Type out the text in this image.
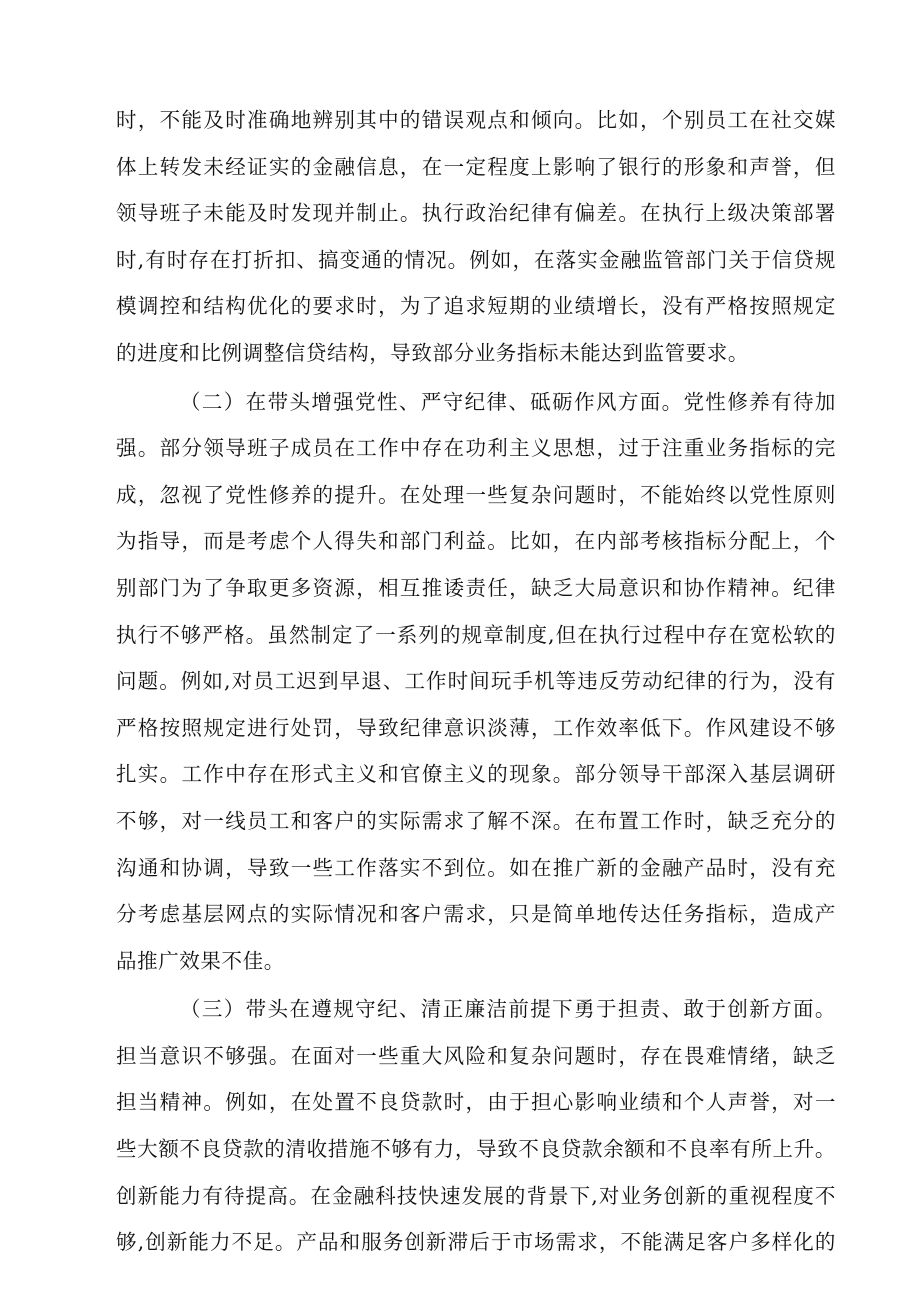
时，不能及时准确地辨别其中的错误观点和倾向。比如，个别员工在社交媒
体上转发未经证实的金融信息，在一定程度上影响了银行的形象和声誉，但
领导班子未能及时发现并制止。执行政治纪律有偏差。在执行上级决策部署
时,有时存在打折扣、搞变通的情况。例如，在落实金融监管部门关于信贷规
模调控和结构优化的要求时，为了追求短期的业绩增长，没有严格按照规定
的进度和比例调整信贷结构，导致部分业务指标未能达到监管要求。
（二）在带头增强党性、严守纪律、砥砺作风方面。党性修养有待加
强。部分领导班子成员在工作中存在功利主义思想，过于注重业务指标的完
成，忽视了党性修养的提升。在处理一些复杂问题时，不能始终以党性原则
为指导，而是考虑个人得失和部门利益。比如，在内部考核指标分配上，个
别部门为了争取更多资源，相互推诿责任，缺乏大局意识和协作精神。纪律
执行不够严格。虽然制定了一系列的规章制度,但在执行过程中存在宽松软的
问题。例如,对员工迟到早退、工作时间玩手机等违反劳动纪律的行为，没有
严格按照规定进行处罚，导致纪律意识淡薄，工作效率低下。作风建设不够
扎实。工作中存在形式主义和官僚主义的现象。部分领导干部深入基层调研
不够，对一线员工和客户的实际需求了解不深。在布置工作时，缺乏充分的
沟通和协调，导致一些工作落实不到位。如在推广新的金融产品时，没有充
分考虑基层网点的实际情况和客户需求，只是简单地传达任务指标，造成产
品推广效果不佳。
（三）带头在遵规守纪、清正廉洁前提下勇于担责、敢于创新方面。
担当意识不够强。在面对一些重大风险和复杂问题时，存在畏难情绪，缺乏
担当精神。例如，在处置不良贷款时，由于担心影响业绩和个人声誉，对一
些大额不良贷款的清收措施不够有力，导致不良贷款余额和不良率有所上升。
创新能力有待提高。在金融科技快速发展的背景下,对业务创新的重视程度不
够,创新能力不足。产品和服务创新滞后于市场需求，不能满足客户多样化的
